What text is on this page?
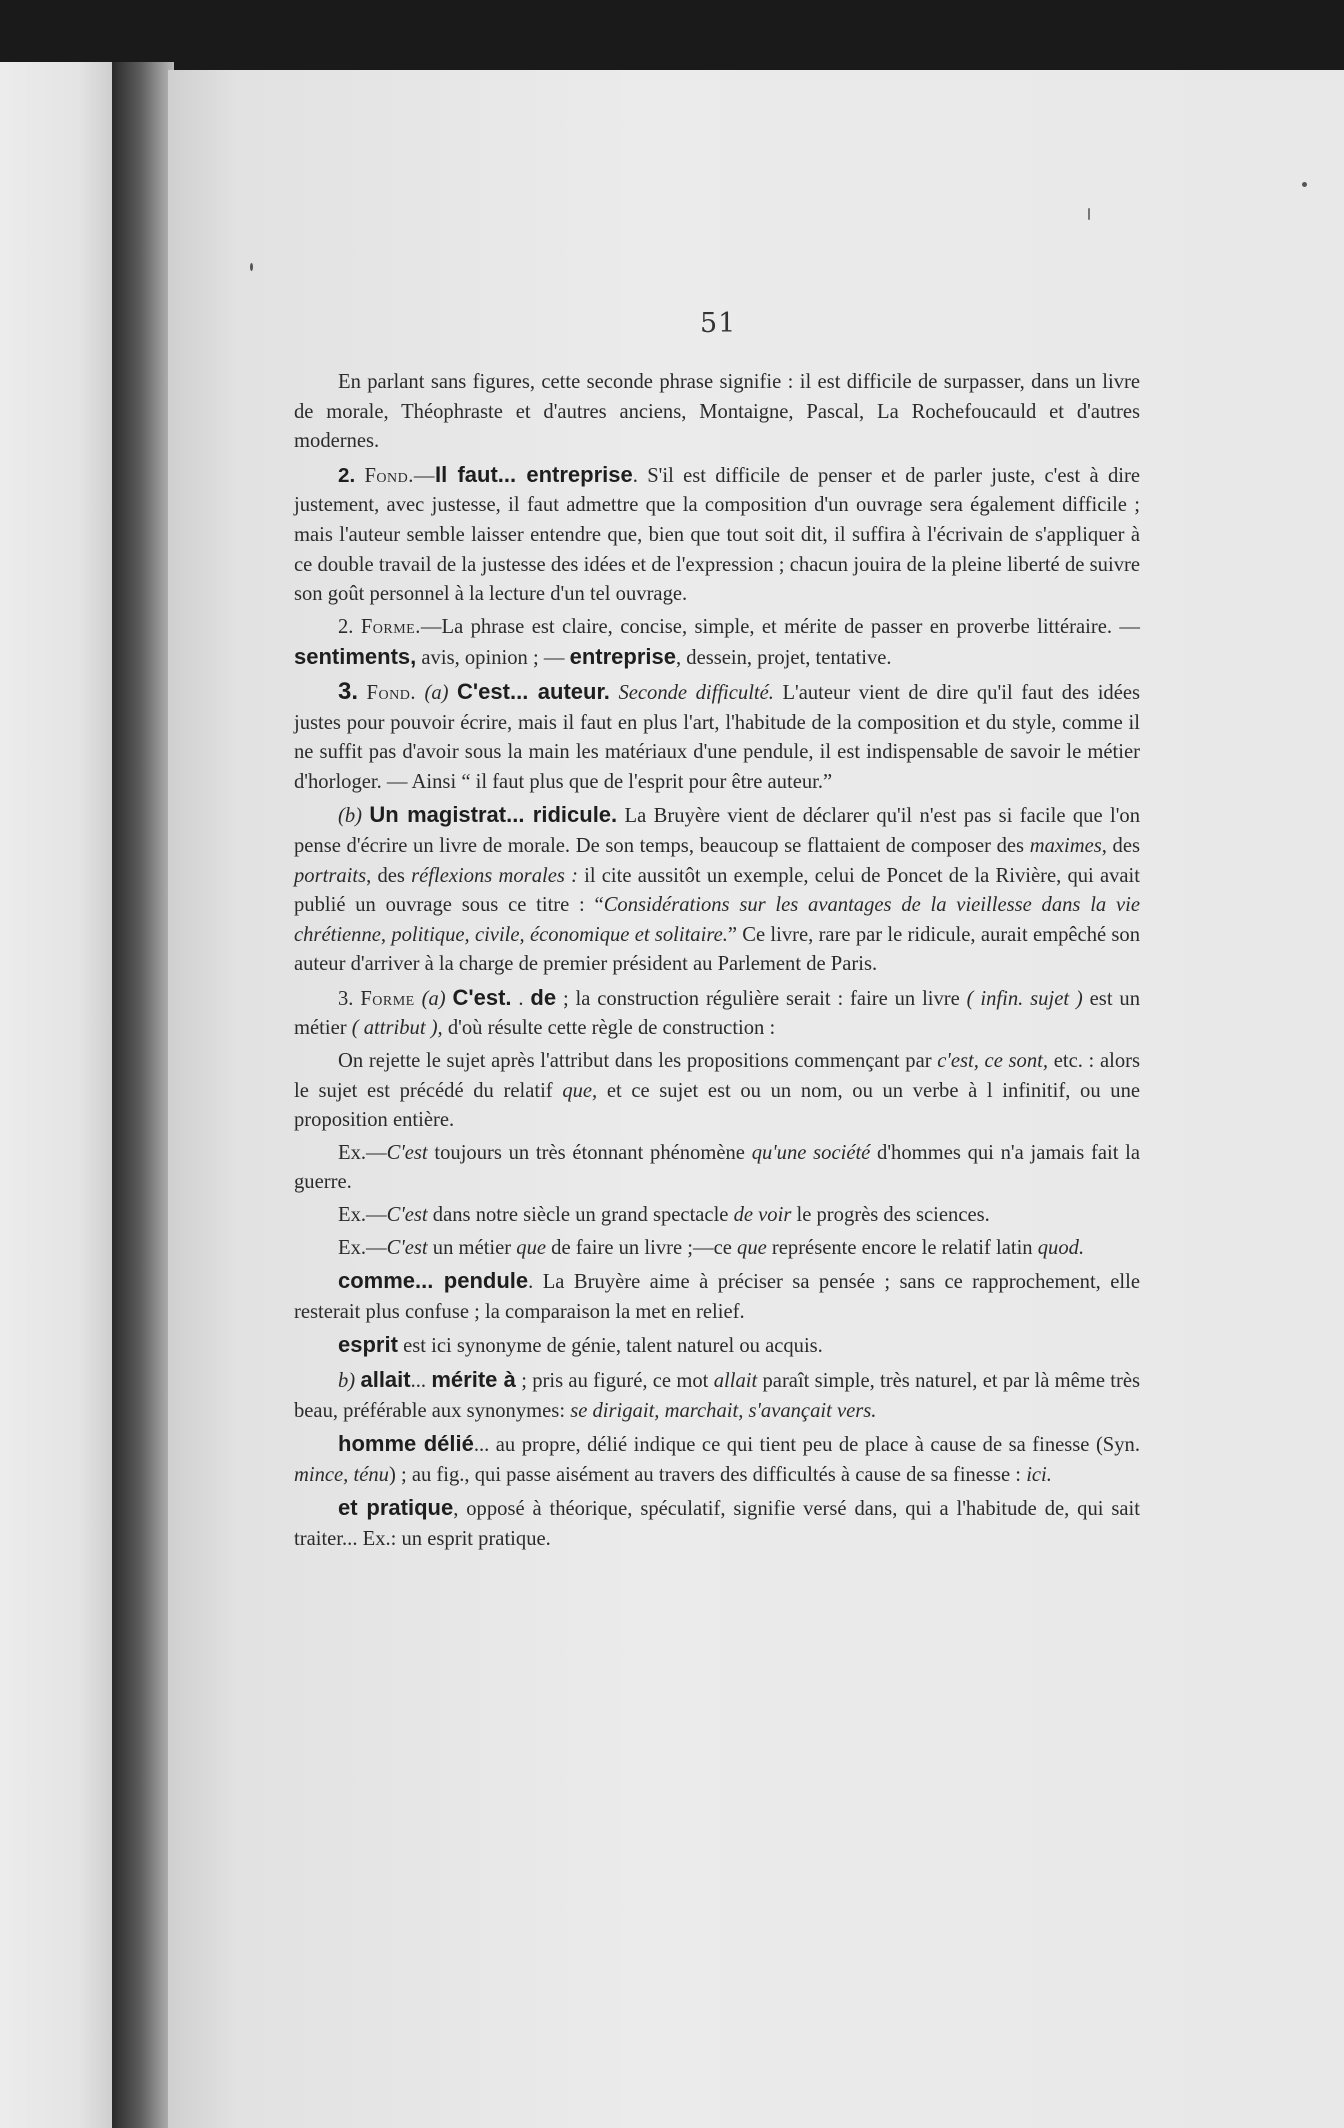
51

En parlant sans figures, cette seconde phrase signifie : il est difficile de surpasser, dans un livre de morale, Théophraste et d'autres anciens, Montaigne, Pascal, La Rochefoucauld et d'autres modernes.

2. Fond.—Il faut... entreprise. S'il est difficile de penser et de parler juste, c'est à dire justement, avec justesse, il faut admettre que la composition d'un ouvrage sera également difficile ; mais l'auteur semble laisser entendre que, bien que tout soit dit, il suffira à l'écrivain de s'appliquer à ce double travail de la justesse des idées et de l'expression ; chacun jouira de la pleine liberté de suivre son goût personnel à la lecture d'un tel ouvrage.

2. Forme.—La phrase est claire, concise, simple, et mérite de passer en proverbe littéraire. — sentiments, avis, opinion ; — entreprise, dessein, projet, tentative.

3. Fond. (a) C'est... auteur. Seconde difficulté. L'auteur vient de dire qu'il faut des idées justes pour pouvoir écrire, mais il faut en plus l'art, l'habitude de la composition et du style, comme il ne suffit pas d'avoir sous la main les matériaux d'une pendule, il est indispensable de savoir le métier d'horloger. — Ainsi “ il faut plus que de l'esprit pour être auteur.”

(b) Un magistrat... ridicule. La Bruyère vient de déclarer qu'il n'est pas si facile que l'on pense d'écrire un livre de morale. De son temps, beaucoup se flattaient de composer des maximes, des portraits, des réflexions morales : il cite aussitôt un exemple, celui de Poncet de la Rivière, qui avait publié un ouvrage sous ce titre : “Considérations sur les avantages de la vieillesse dans la vie chrétienne, politique, civile, économique et solitaire.” Ce livre, rare par le ridicule, aurait empêché son auteur d'arriver à la charge de premier président au Parlement de Paris.

3. Forme (a) C'est. . de ; la construction régulière serait : faire un livre ( infin. sujet ) est un métier ( attribut ), d'où résulte cette règle de construction :

On rejette le sujet après l'attribut dans les propositions commençant par c'est, ce sont, etc. : alors le sujet est précédé du relatif que, et ce sujet est ou un nom, ou un verbe à l infinitif, ou une proposition entière.

Ex.—C'est toujours un très étonnant phénomène qu'une société d'hommes qui n'a jamais fait la guerre.

Ex.—C'est dans notre siècle un grand spectacle de voir le progrès des sciences.

Ex.—C'est un métier que de faire un livre ;—ce que représente encore le relatif latin quod.

comme... pendule. La Bruyère aime à préciser sa pensée ; sans ce rapprochement, elle resterait plus confuse ; la comparaison la met en relief.

esprit est ici synonyme de génie, talent naturel ou acquis.

b) allait... mérite à ; pris au figuré, ce mot allait paraît simple, très naturel, et par là même très beau, préférable aux synonymes: se dirigait, marchait, s'avançait vers.

homme délié... au propre, délié indique ce qui tient peu de place à cause de sa finesse (Syn. mince, ténu) ; au fig., qui passe aisément au travers des difficultés à cause de sa finesse : ici.

et pratique, opposé à théorique, spéculatif, signifie versé dans, qui a l'habitude de, qui sait traiter... Ex.: un esprit pratique.
